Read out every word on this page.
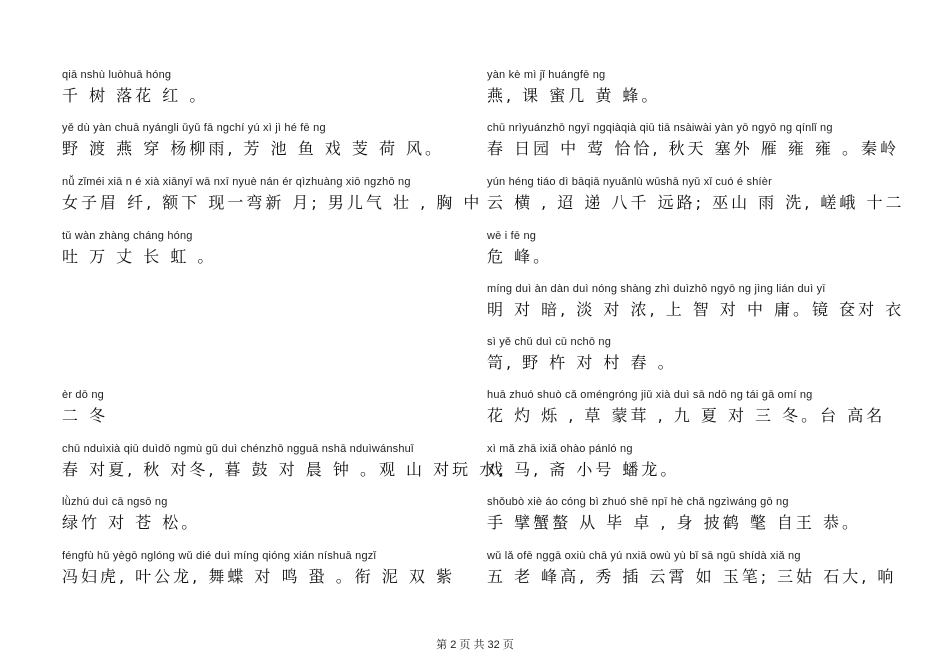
qiā nshù luòhuā hóng
千 树 落花 红 。
yě dù yàn chuā nyángli ǔyǔ fā ngchí yú xì jì hé fē ng
野 渡 燕 穿 杨柳雨, 芳 池 鱼 戏 芰 荷 风。
nǚ zǐméi xiā n é xià xiānyī wā nxī nyuè nán ér qìzhuàng xiō ngzhō ng
女子眉 纤, 额下 现一弯新 月; 男儿气 壮 , 胸 中
tǔ wàn zhàng cháng hóng
吐 万 丈 长 虹 。
èr dō ng
二 冬
chū nduìxià qiū duìdō ngmù gǔ duì chénzhō ngguā nshā nduìwánshuǐ
春 对夏, 秋 对冬, 暮 鼓 对 晨 钟 。观 山 对玩 水,
lǜzhú duì cā ngsō ng
绿竹 对 苍 松。
féngfù hǔ yègō nglóng wǔ dié duì míng qióng xián níshuā ngzǐ
冯妇虎, 叶公龙, 舞蝶 对 鸣 蛩 。衔 泥 双 紫
yàn kè mì jǐ huángfē ng
燕, 课 蜜几 黄 蜂。
chū nrìyuánzhō ngyī ngqiàqià qiū tiā nsàiwài yàn yō ngyō ng qínlǐ ng
春 日园 中 莺 恰恰, 秋天 塞外 雁 雍 雍 。秦岭
yún héng tiáo dì bāqiā nyuǎnlù wūshā nyǔ xǐ cuó é shíèr
云 横 , 迢 递 八千 远路; 巫山 雨 洗, 嵯峨 十二
wē i fē ng
危 峰。
míng duì àn dàn duì nóng shàng zhì duìzhō ngyō ng jìng lián duì yī
明 对 暗, 淡 对 浓, 上 智 对 中 庸。镜 奁对 衣
sì yě chǔ duì cū nchō ng
笥, 野 杵 对 村 舂 。
huā zhuó shuò cǎ oméngróng jiǔ xià duì sā ndō ng tái gā omí ng
花 灼 烁 , 草 蒙茸 , 九 夏 对 三 冬。台 高名
xì mǎ zhā ixiǎ ohào pánló ng
戏 马, 斋 小号 蟠龙。
shǒubò xiè áo cóng bì zhuó shē npī hè chǎ ngzìwáng gō ng
手 擘蟹螯 从 毕 卓 , 身 披鹤 氅 自王 恭。
wǔ lǎ ofē nggā oxiù chā yú nxiā owù yù bǐ sā ngū shídà xiǎ ng
五 老 峰高, 秀 插 云霄 如 玉笔; 三姑 石大, 响
第 2 页 共 32 页
